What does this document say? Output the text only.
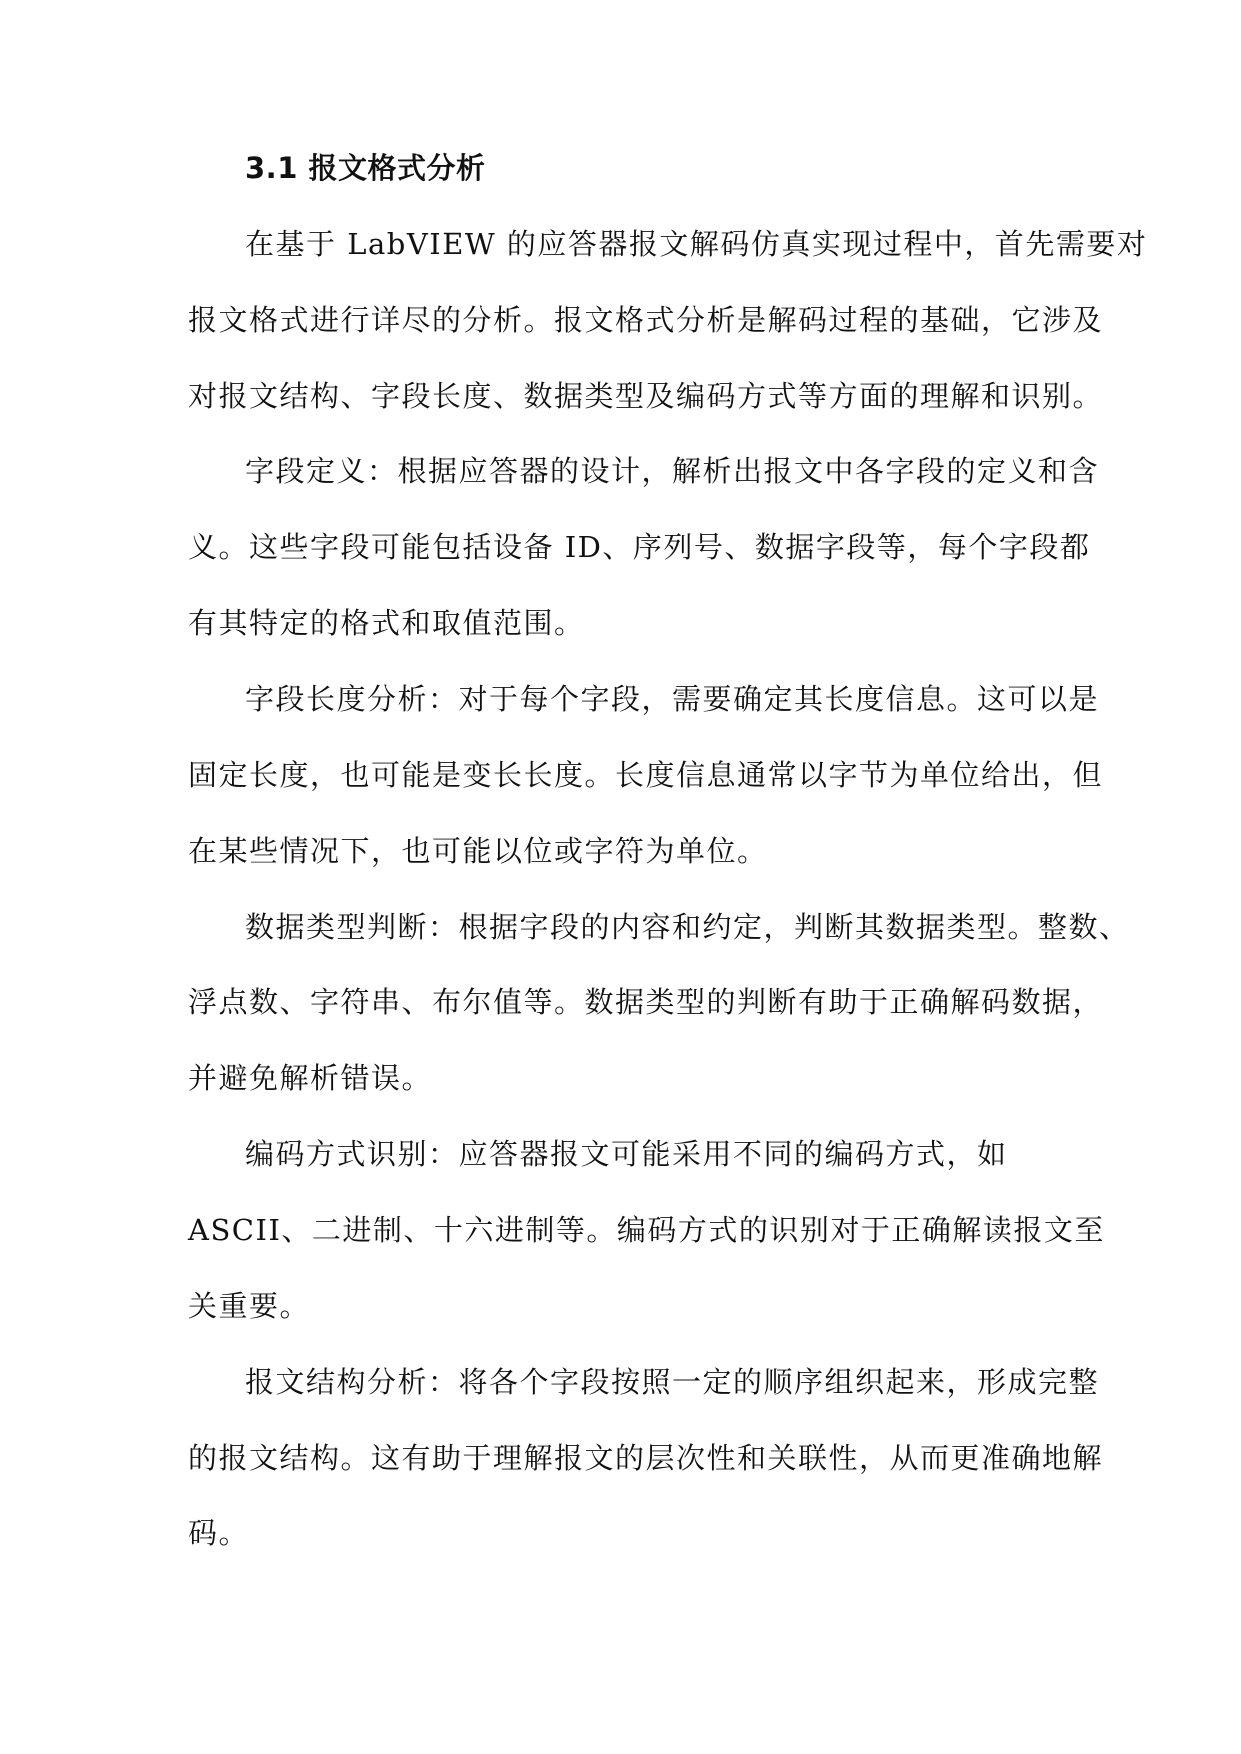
3.1 报文格式分析
在基于 LabVIEW 的应答器报文解码仿真实现过程中，首先需要对
报文格式进行详尽的分析。报文格式分析是解码过程的基础，它涉及
对报文结构、字段长度、数据类型及编码方式等方面的理解和识别。
字段定义：根据应答器的设计，解析出报文中各字段的定义和含
义。这些字段可能包括设备 ID、序列号、数据字段等，每个字段都
有其特定的格式和取值范围。
字段长度分析：对于每个字段，需要确定其长度信息。这可以是
固定长度，也可能是变长长度。长度信息通常以字节为单位给出，但
在某些情况下，也可能以位或字符为单位。
数据类型判断：根据字段的内容和约定，判断其数据类型。整数、
浮点数、字符串、布尔值等。数据类型的判断有助于正确解码数据，
并避免解析错误。
编码方式识别：应答器报文可能采用不同的编码方式，如
ASCII、二进制、十六进制等。编码方式的识别对于正确解读报文至
关重要。
报文结构分析：将各个字段按照一定的顺序组织起来，形成完整
的报文结构。这有助于理解报文的层次性和关联性，从而更准确地解
码。
